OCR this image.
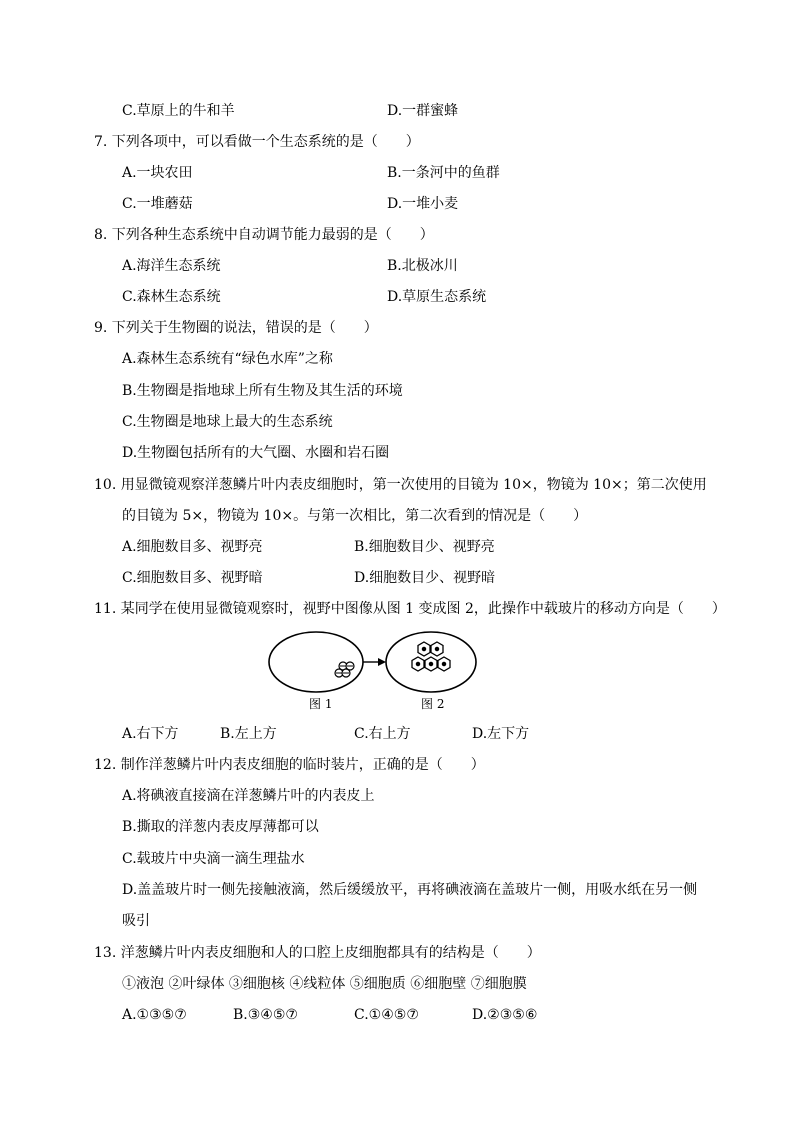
C.草原上的牛和羊	D.一群蜜蜂
7. 下列各项中，可以看做一个生态系统的是（　　）
A.一块农田	B.一条河中的鱼群
C.一堆蘑菇	D.一堆小麦
8. 下列各种生态系统中自动调节能力最弱的是（　　）
A.海洋生态系统	B.北极冰川
C.森林生态系统	D.草原生态系统
9. 下列关于生物圈的说法，错误的是（　　）
A.森林生态系统有“绿色水库”之称
B.生物圈是指地球上所有生物及其生活的环境
C.生物圈是地球上最大的生态系统
D.生物圈包括所有的大气圈、水圈和岩石圈
10. 用显微镜观察洋葱鳞片叶内表皮细胞时，第一次使用的目镜为 10×，物镜为 10×；第二次使用
的目镜为 5×，物镜为 10×。与第一次相比，第二次看到的情况是（　　）
A.细胞数目多、视野亮	B.细胞数目少、视野亮
C.细胞数目多、视野暗	D.细胞数目少、视野暗
11. 某同学在使用显微镜观察时，视野中图像从图 1 变成图 2，此操作中载玻片的移动方向是（　　）
图 1	图 2
A.右下方	B.左上方	C.右上方	D.左下方
12. 制作洋葱鳞片叶内表皮细胞的临时装片，正确的是（　　）
A.将碘液直接滴在洋葱鳞片叶的内表皮上
B.撕取的洋葱内表皮厚薄都可以
C.载玻片中央滴一滴生理盐水
D.盖盖玻片时一侧先接触液滴，然后缓缓放平，再将碘液滴在盖玻片一侧，用吸水纸在另一侧
吸引
13. 洋葱鳞片叶内表皮细胞和人的口腔上皮细胞都具有的结构是（　　）
①液泡 ②叶绿体 ③细胞核 ④线粒体 ⑤细胞质 ⑥细胞壁 ⑦细胞膜
A.①③⑤⑦	B.③④⑤⑦	C.①④⑤⑦	D.②③⑤⑥
